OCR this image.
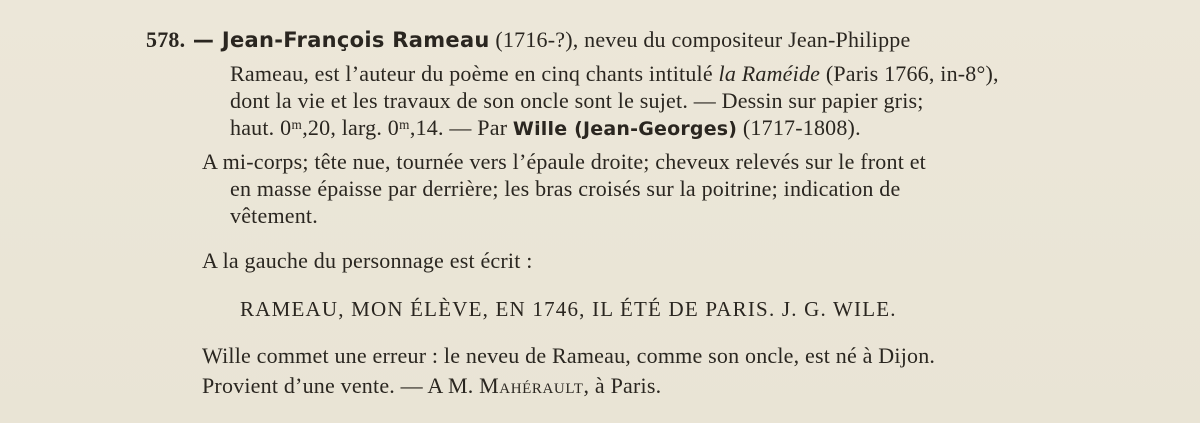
578. — Jean-François Rameau (1716-?), neveu du compositeur Jean-Philippe
Rameau, est l’auteur du poème en cinq chants intitulé la Raméide (Paris 1766, in-8°),
dont la vie et les travaux de son oncle sont le sujet. — Dessin sur papier gris;
haut. 0ᵐ,20, larg. 0ᵐ,14. — Par Wille (Jean-Georges) (1717-1808).
A mi-corps; tête nue, tournée vers l’épaule droite; cheveux relevés sur le front et
en masse épaisse par derrière; les bras croisés sur la poitrine; indication de
vêtement.
A la gauche du personnage est écrit :
RAMEAU, MON ÉLÈVE, EN 1746, IL ÉTÉ DE PARIS. J. G. WILE.
Wille commet une erreur : le neveu de Rameau, comme son oncle, est né à Dijon.
Provient d’une vente. — A M. Mahérault, à Paris.
